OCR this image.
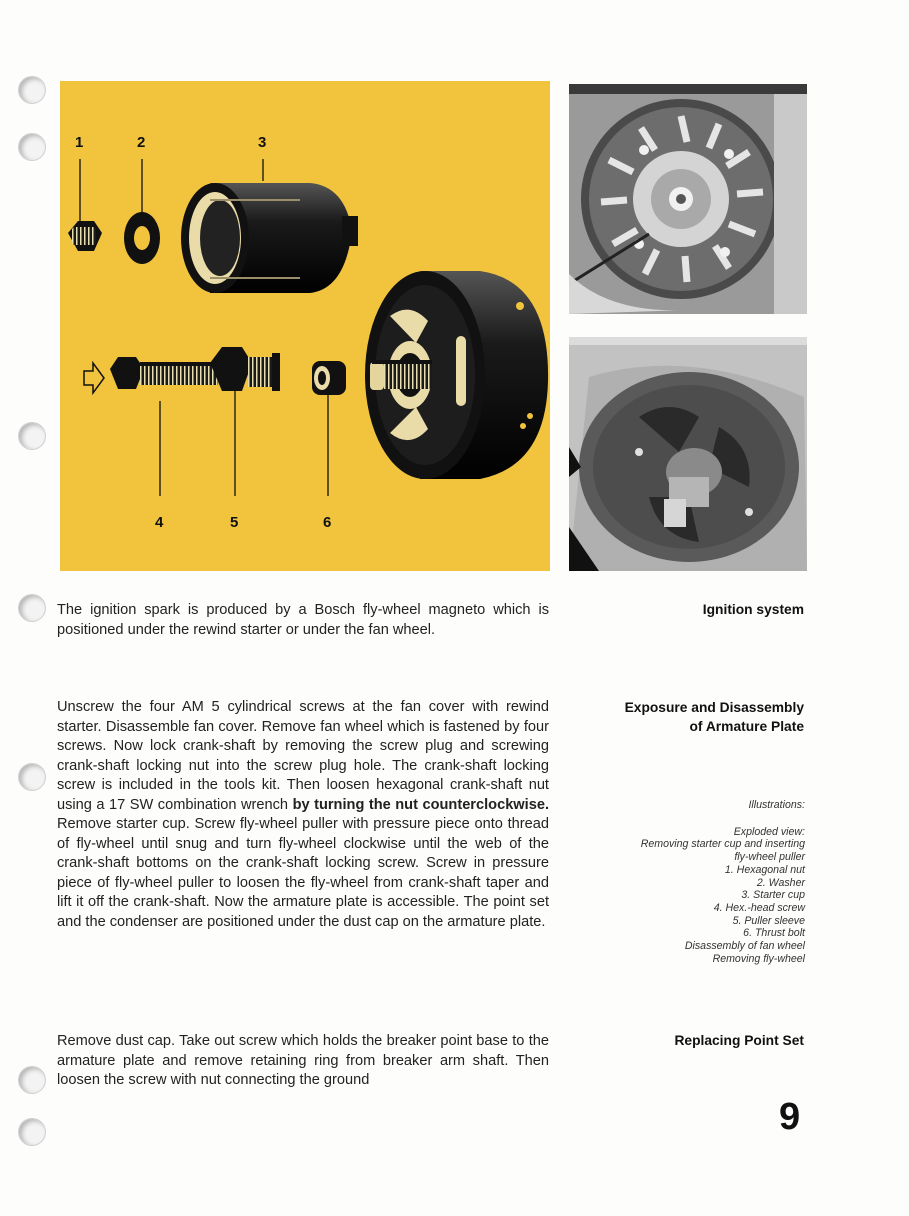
1	2	3
4	5	6

The ignition spark is produced by a Bosch fly-wheel magneto which is positioned under the rewind starter or under the fan wheel.

Ignition system

Unscrew the four AM 5 cylindrical screws at the fan cover with rewind starter. Disassemble fan cover. Remove fan wheel which is fastened by four screws. Now lock crank-shaft by removing the screw plug and screwing crank-shaft locking nut into the screw plug hole. The crank-shaft locking screw is included in the tools kit. Then loosen hexagonal crank-shaft nut using a 17 SW combination wrench by turning the nut counterclockwise. Remove starter cup. Screw fly-wheel puller with pressure piece onto thread of fly-wheel until snug and turn fly-wheel clockwise until the web of the crank-shaft bottoms on the crank-shaft locking screw. Screw in pressure piece of fly-wheel puller to loosen the fly-wheel from crank-shaft taper and lift it off the crank-shaft. Now the armature plate is accessible. The point set and the condenser are positioned under the dust cap on the armature plate.

Exposure and Disassembly
of Armature Plate
Illustrations:
Exploded view:
Removing starter cup and inserting
fly-wheel puller
1. Hexagonal nut
2. Washer
3. Starter cup
4. Hex.-head screw
5. Puller sleeve
6. Thrust bolt
Disassembly of fan wheel
Removing fly-wheel

Remove dust cap. Take out screw which holds the breaker point base to the armature plate and remove retaining ring from breaker arm shaft. Then loosen the screw with nut connecting the ground

Replacing Point Set
9
